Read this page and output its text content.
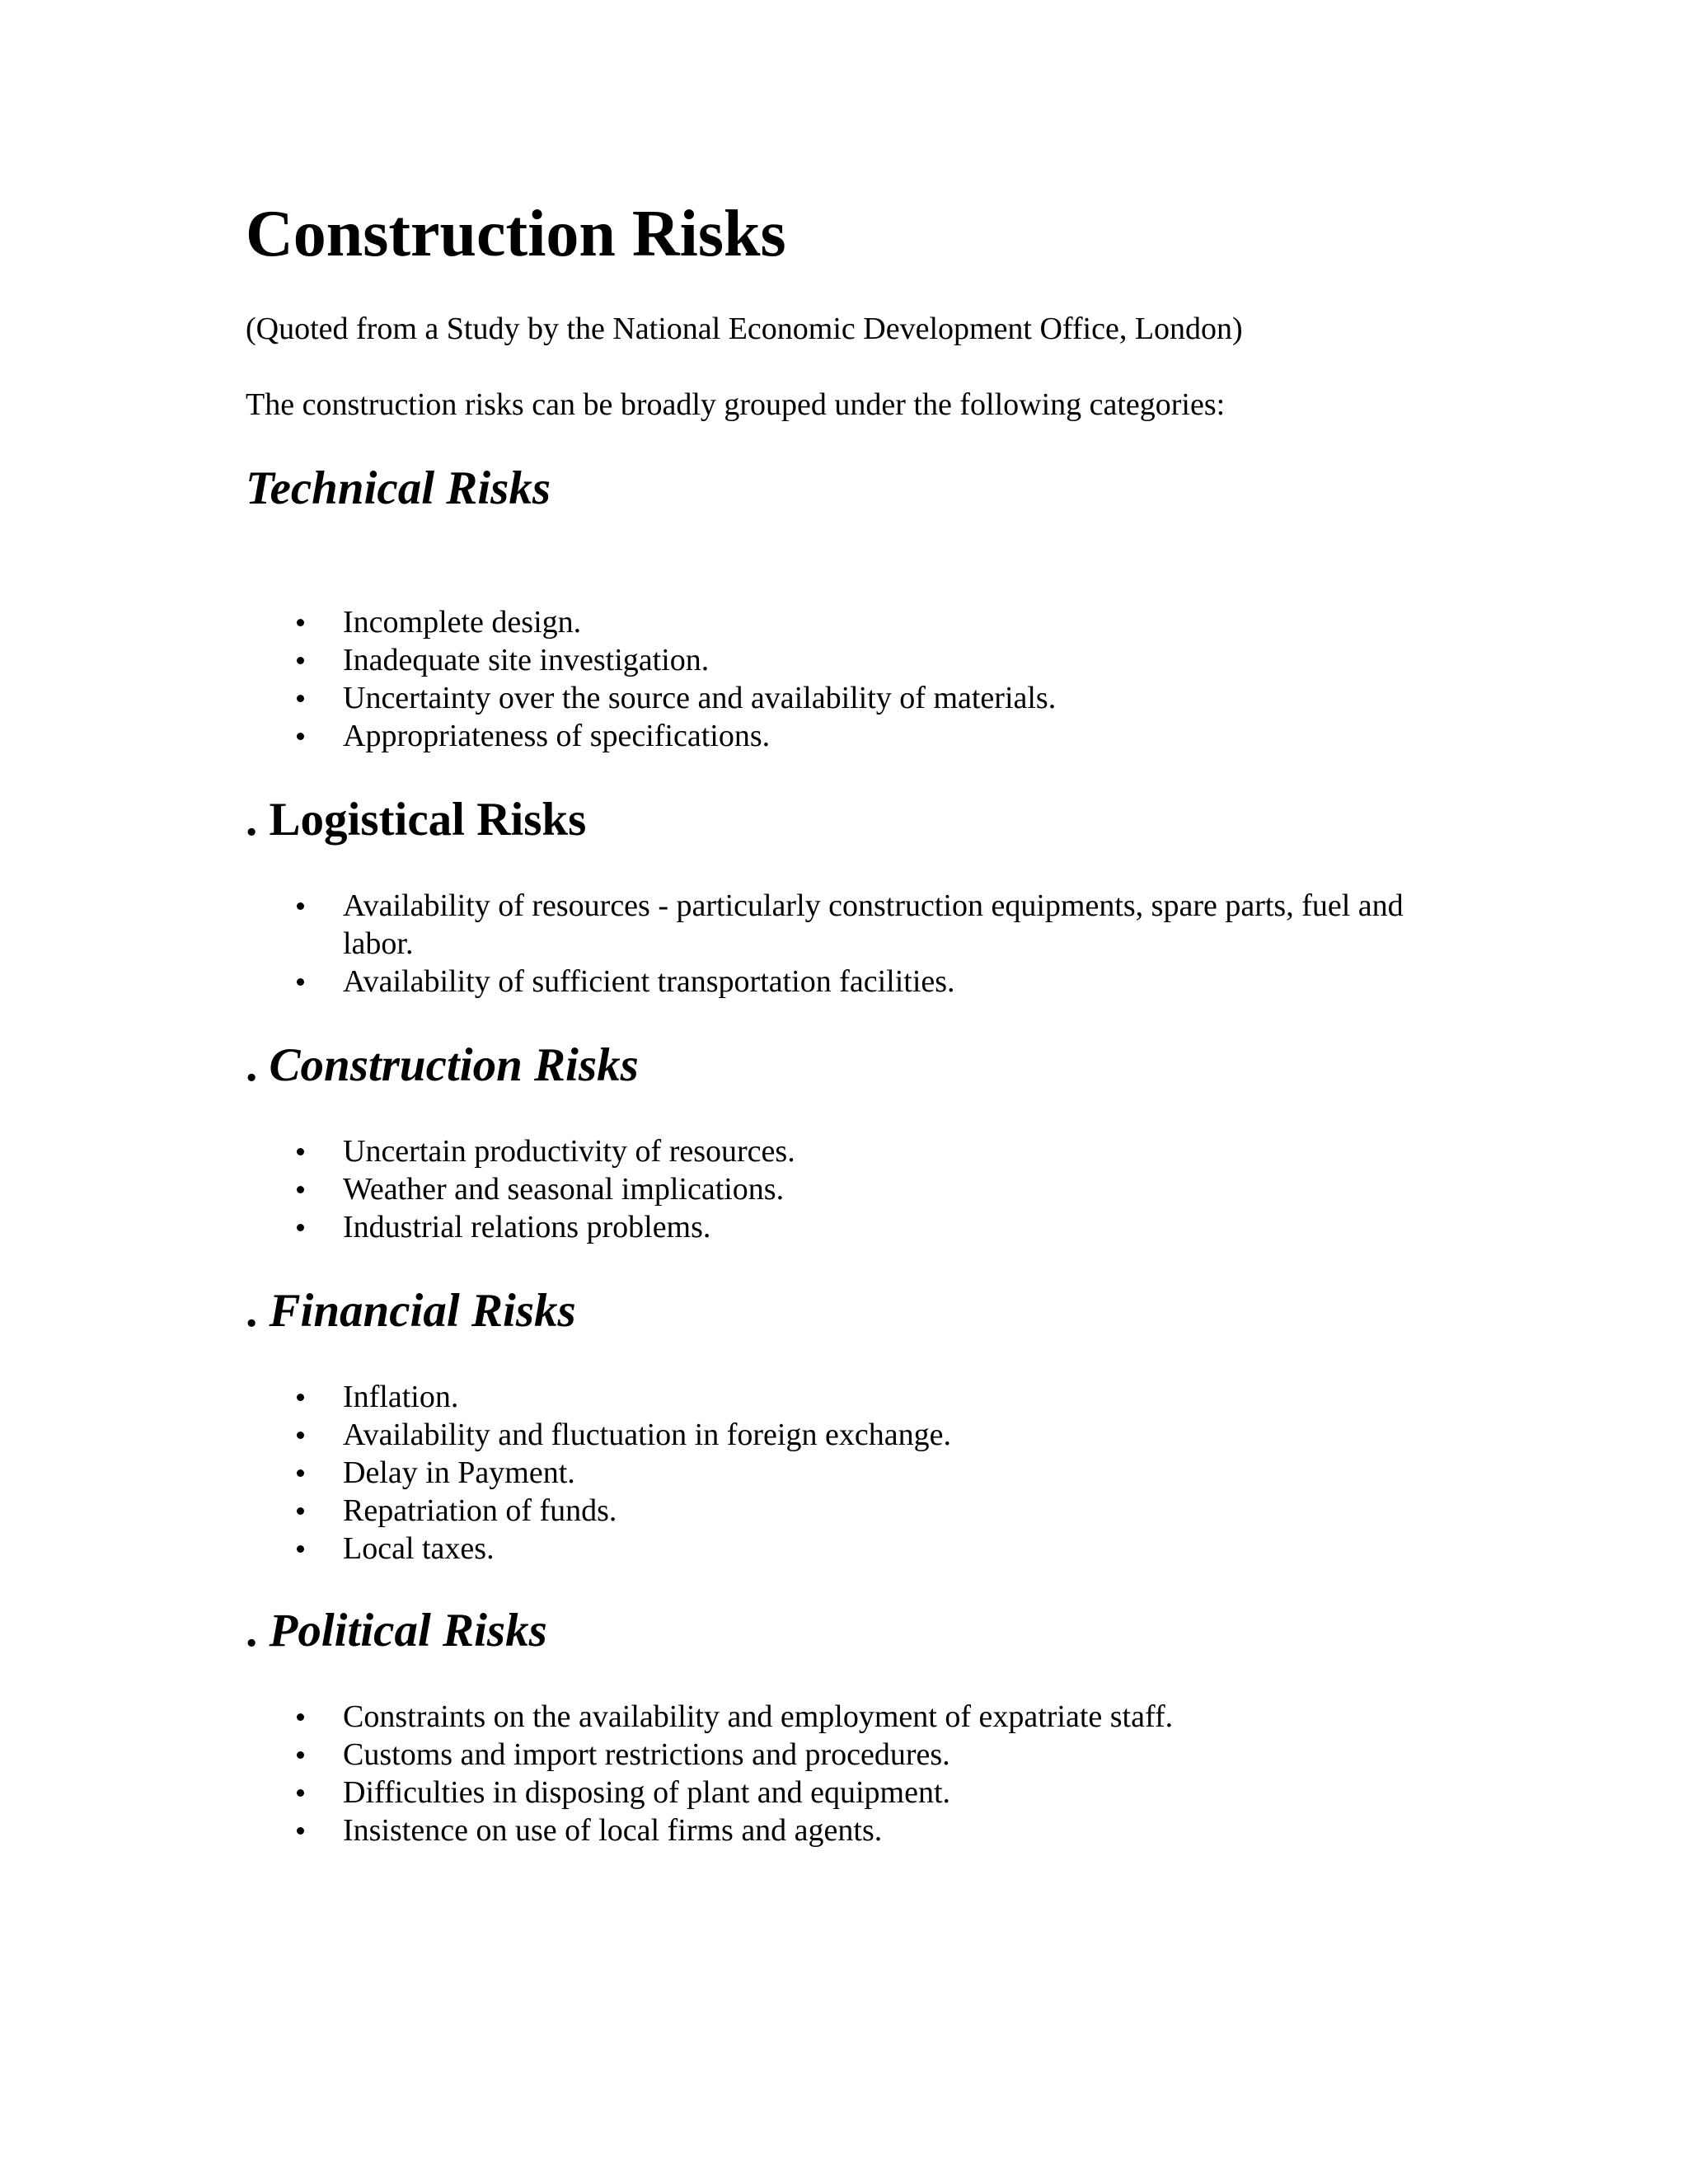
Construction Risks

(Quoted from a Study by the National Economic Development Office, London)

The construction risks can be broadly grouped under the following categories:

Technical Risks
Incomplete design.
Inadequate site investigation.
Uncertainty over the source and availability of materials.
Appropriateness of specifications.
. Logistical Risks
Availability of resources - particularly construction equipments, spare parts, fuel and labor.
Availability of sufficient transportation facilities.
. Construction Risks
Uncertain productivity of resources.
Weather and seasonal implications.
Industrial relations problems.
. Financial Risks
Inflation.
Availability and fluctuation in foreign exchange.
Delay in Payment.
Repatriation of funds.
Local taxes.
. Political Risks
Constraints on the availability and employment of expatriate staff.
Customs and import restrictions and procedures.
Difficulties in disposing of plant and equipment.
Insistence on use of local firms and agents.
